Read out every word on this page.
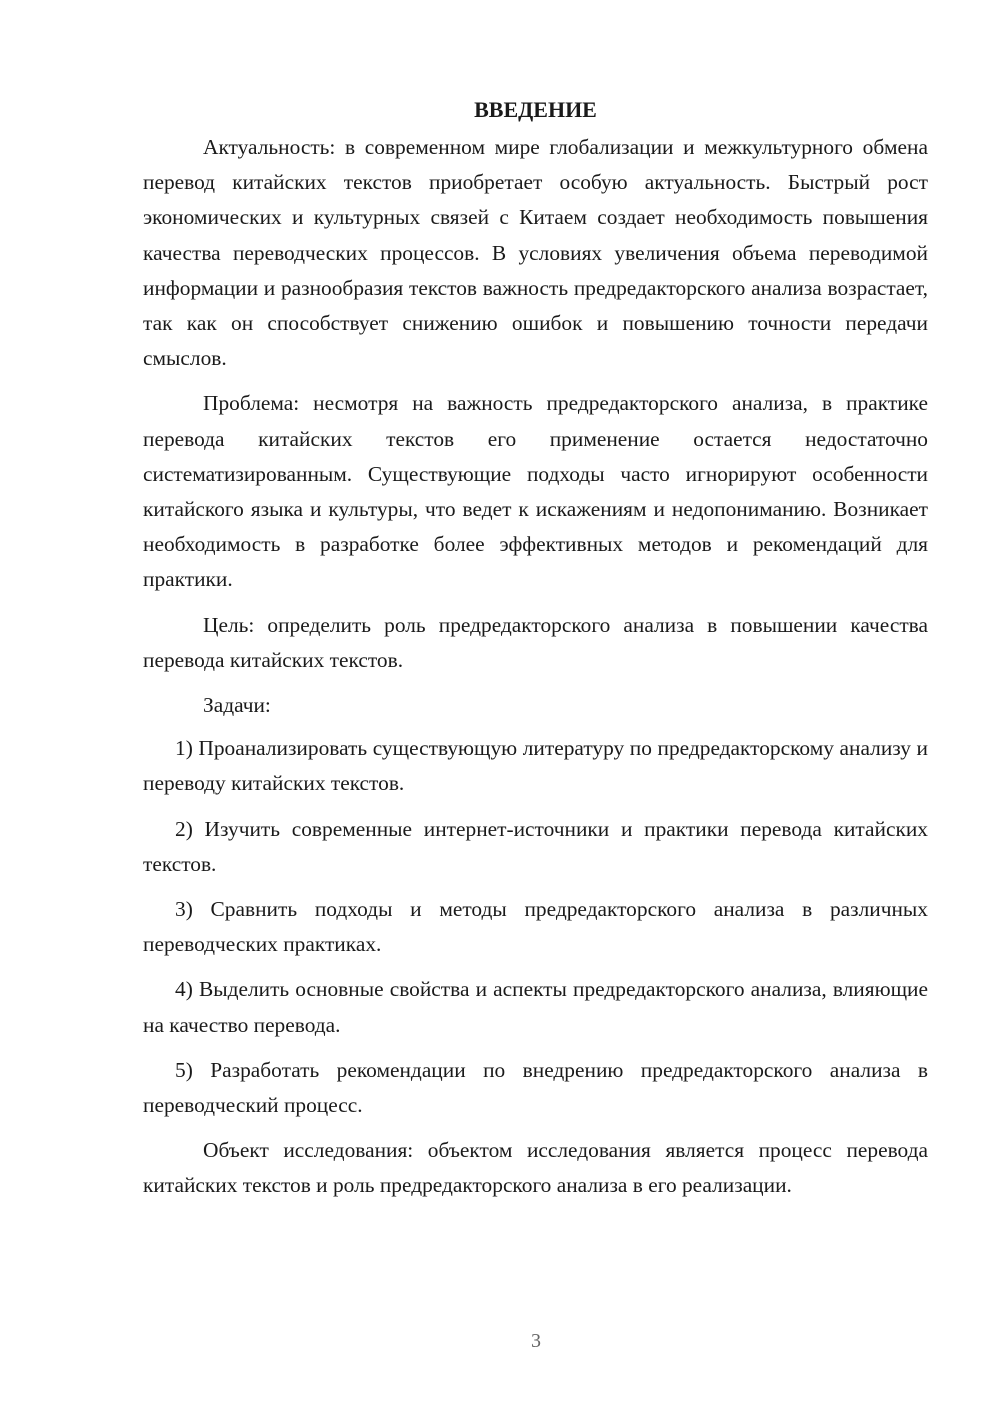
ВВЕДЕНИЕ

Актуальность: в современном мире глобализации и межкультурного обмена перевод китайских текстов приобретает особую актуальность. Быстрый рост экономических и культурных связей с Китаем создает необходимость повышения качества переводческих процессов. В условиях увеличения объема переводимой информации и разнообразия текстов важность предредакторского анализа возрастает, так как он способствует снижению ошибок и повышению точности передачи смыслов.

Проблема: несмотря на важность предредакторского анализа, в практике перевода китайских текстов его применение остается недостаточно систематизированным. Существующие подходы часто игнорируют особенности китайского языка и культуры, что ведет к искажениям и недопониманию. Возникает необходимость в разработке более эффективных методов и рекомендаций для практики.

Цель: определить роль предредакторского анализа в повышении качества перевода китайских текстов.

Задачи:

1) Проанализировать существующую литературу по предредакторскому анализу и переводу китайских текстов.

2) Изучить современные интернет-источники и практики перевода китайских текстов.

3) Сравнить подходы и методы предредакторского анализа в различных переводческих практиках.

4) Выделить основные свойства и аспекты предредакторского анализа, влияющие на качество перевода.

5) Разработать рекомендации по внедрению предредакторского анализа в переводческий процесс.

Объект исследования: объектом исследования является процесс перевода китайских текстов и роль предредакторского анализа в его реализации.

3
